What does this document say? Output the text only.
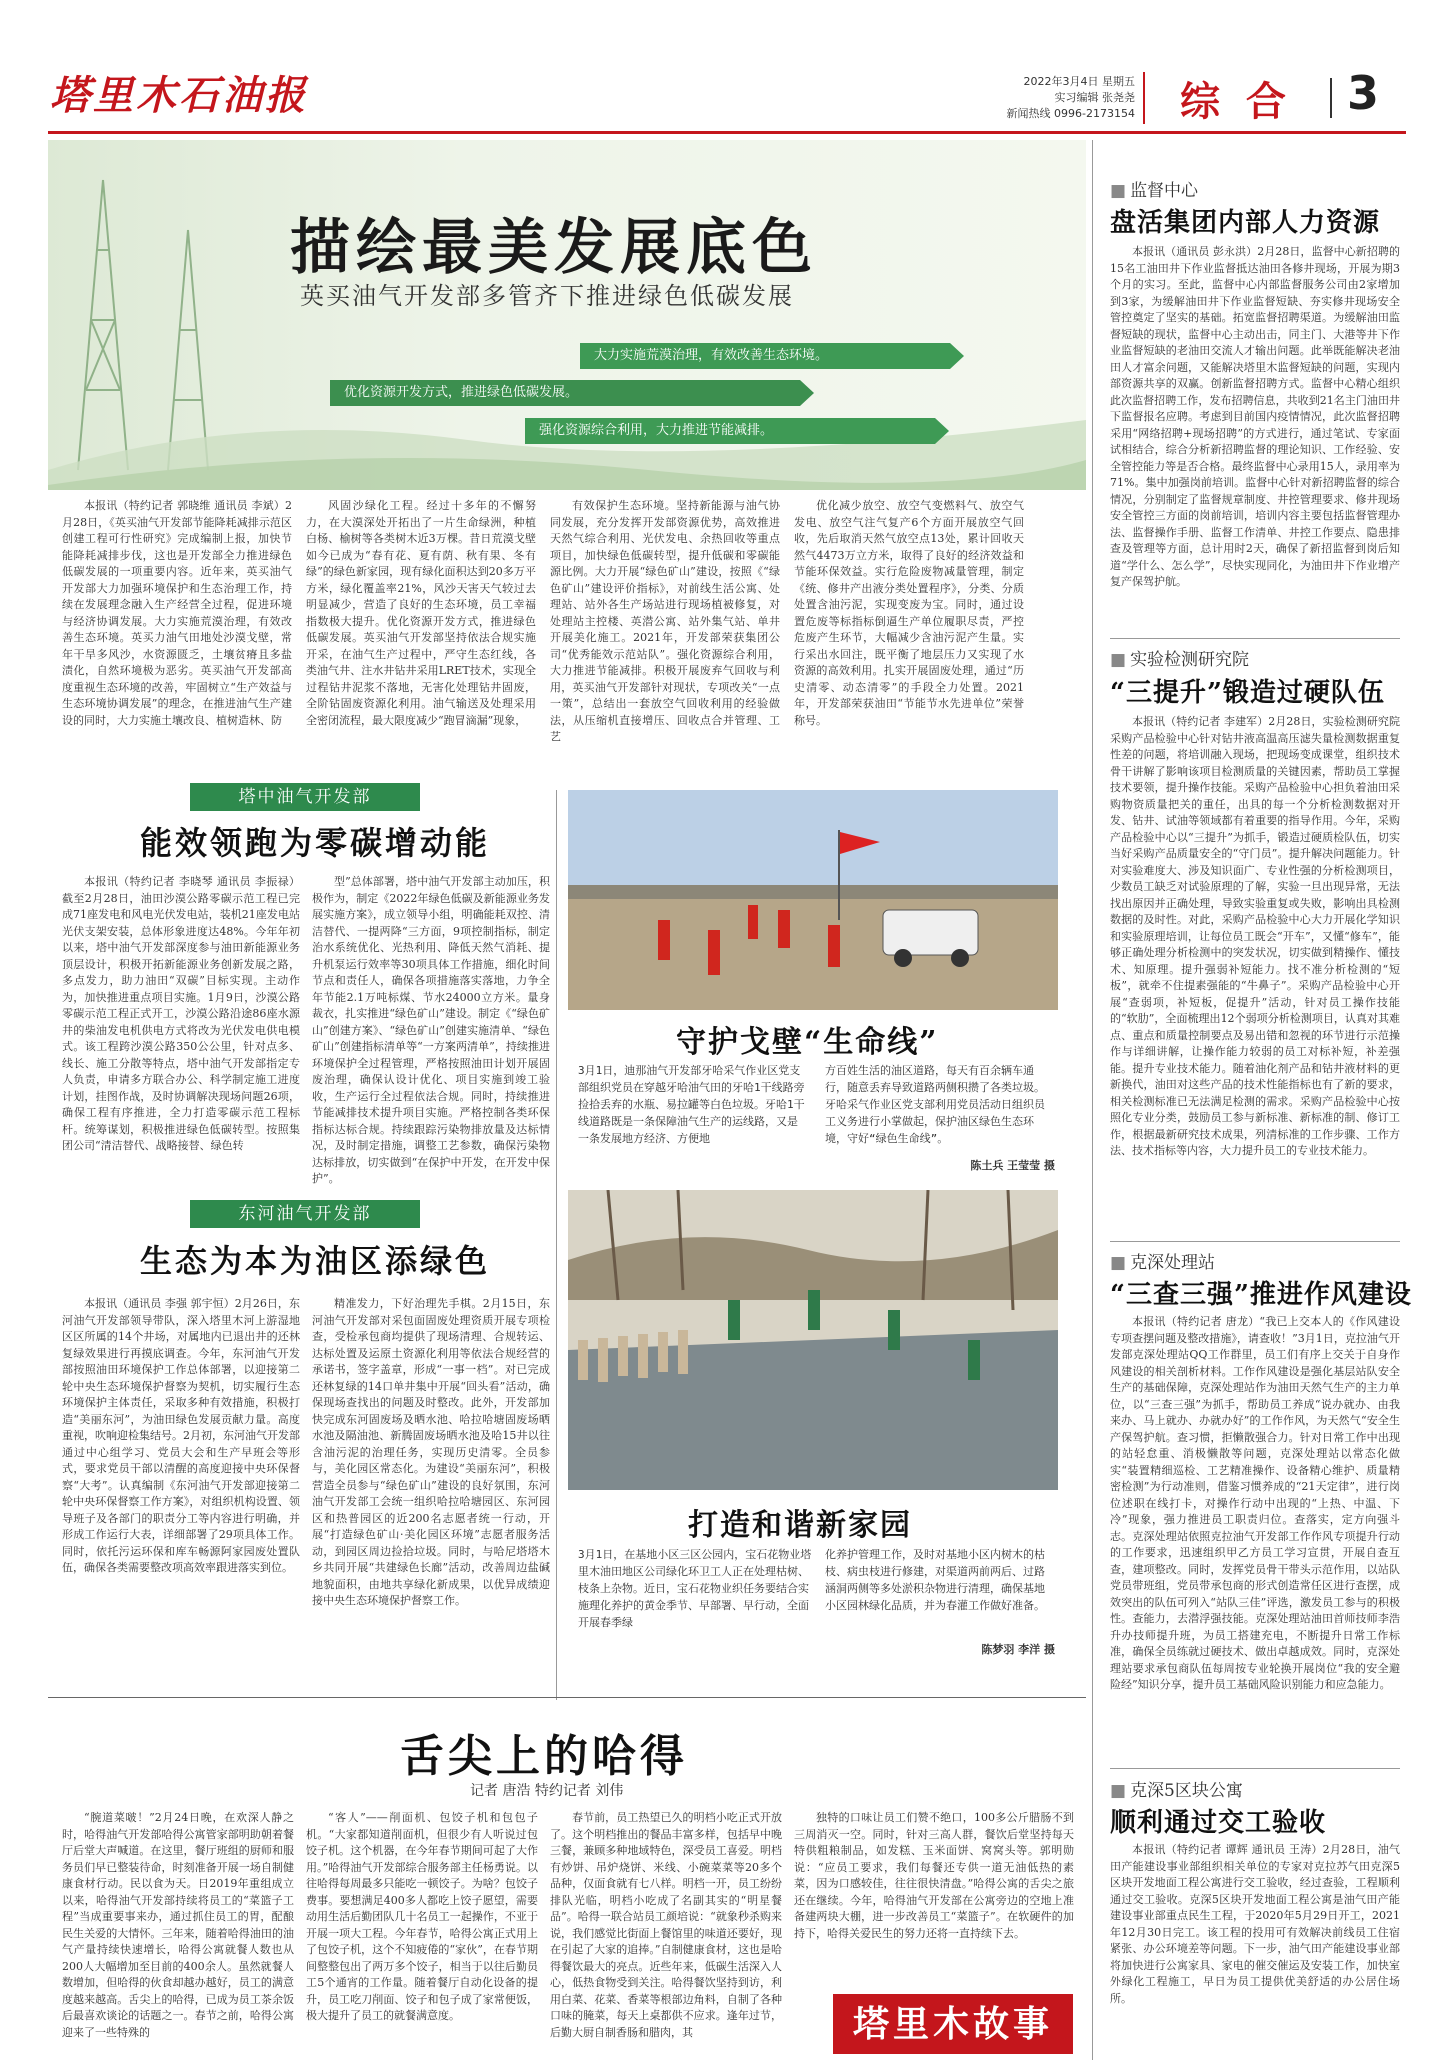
塔里木石油报	2022年3月4日 星期五
实习编辑 张尧尧
新闻热线 0996-2173154 综 合 3
描绘最美发展底色
英买油气开发部多管齐下推进绿色低碳发展
大力实施荒漠治理，有效改善生态环境。
优化资源开发方式，推进绿色低碳发展。
强化资源综合利用，大力推进节能减排。

本报讯（特约记者 郭晓维 通讯员 李斌）2月28日，《英买油气开发部节能降耗减排示范区创建工程可行性研究》完成编制上报，加快节能降耗减排步伐，这也是开发部全力推进绿色低碳发展的一项重要内容。近年来，英买油气开发部大力加强环境保护和生态治理工作，持续在发展理念融入生产经营全过程，促进环境与经济协调发展。大力实施荒漠治理，有效改善生态环境。英买力油气田地处沙漠戈壁，常年干旱多风沙，水资源匮乏，土壤贫瘠且多盐渍化，自然环境极为恶劣。英买油气开发部高度重视生态环境的改善，牢固树立“生产效益与生态环境协调发展”的理念，在推进油气生产建设的同时，大力实施土壤改良、植树造林、防

风固沙绿化工程。经过十多年的不懈努力，在大漠深处开拓出了一片生命绿洲，种植白杨、榆树等各类树木近3万棵。昔日荒漠戈壁如今已成为“春有花、夏有荫、秋有果、冬有绿”的绿色新家园，现有绿化面积达到20多万平方米，绿化覆盖率21%，风沙天害天气较过去明显减少，营造了良好的生态环境，员工幸福指数极大提升。优化资源开发方式，推进绿色低碳发展。英买油气开发部坚持依法合规实施开采，在油气生产过程中，严守生态红线，各类油气井、注水井钻井采用LRET技术，实现全过程钻井泥浆不落地，无害化处理钻井固废，全阶钻固废资源化利用。油气输送及处理采用全密闭流程，最大限度减少“跑冒滴漏”现象，

有效保护生态环境。坚持新能源与油气协同发展，充分发挥开发部资源优势，高效推进天然气综合利用、光伏发电、余热回收等重点项目，加快绿色低碳转型，提升低碳和零碳能源比例。大力开展“绿色矿山”建设，按照《“绿色矿山”建设评价指标》，对前线生活公寓、处理站、站外各生产场站进行现场植被修复，对处理站主控楼、英潜公寓、站外集气站、单井开展美化施工。2021年，开发部荣获集团公司“优秀能效示范站队”。强化资源综合利用，大力推进节能减排。积极开展废弃气回收与利用，英买油气开发部针对现状，专项改关“一点一策”，总结出一套放空气回收利用的经验做法，从压缩机直接增压、回收点合并管理、工艺

优化减少放空、放空气变燃料气、放空气发电、放空气注气复产6个方面开展放空气回收，先后取消天然气放空点13处，累计回收天然气4473万立方米，取得了良好的经济效益和节能环保效益。实行危险废物减量管理，制定《统、修井产出液分类处置程序》，分类、分质处置含油污泥，实现变废为宝。同时，通过设置危废等标指标倒逼生产单位履职尽责，严控危废产生环节，大幅减少含油污泥产生量。实行采出水回注，既平衡了地层压力又实现了水资源的高效利用。扎实开展固废处理，通过“历史清零、动态清零”的手段全力处置。2021年，开发部荣获油田“节能节水先进单位”荣誉称号。

塔中油气开发部
能效领跑为零碳增动能

本报讯（特约记者 李晓琴 通讯员 李振禄）截至2月28日，油田沙漠公路零碳示范工程已完成71座发电和风电光伏发电站，装机21座发电站光伏支架安装，总体形象进度达48%。今年年初以来，塔中油气开发部深度参与油田新能源业务顶层设计，积极开拓新能源业务创新发展之路，多点发力，助力油田“双碳”目标实现。主动作为，加快推进重点项目实施。1月9日，沙漠公路零碳示范工程正式开工，沙漠公路沿途86座水源井的柴油发电机供电方式将改为光伏发电供电模式。该工程跨沙漠公路350公公里，针对点多、线长、施工分散等特点，塔中油气开发部指定专人负责，申请多方联合办公、科学制定施工进度计划，挂图作战，及时协调解决现场问题26项，确保工程有序推进，全力打造零碳示范工程标杆。统筹谋划，积极推进绿色低碳转型。按照集团公司“清洁替代、战略接替、绿色转

型”总体部署，塔中油气开发部主动加压，积极作为，制定《2022年绿色低碳及新能源业务发展实施方案》，成立领导小组，明确能耗双控、清洁替代、一提两降“三方面，9项控制指标，制定治水系统优化、光热利用、降低天然气消耗、提升机泵运行效率等30项具体工作措施，细化时间节点和责任人，确保各项措施落实落地，力争全年节能2.1万吨标煤、节水24000立方米。量身裁衣，扎实推进“绿色矿山”建设。制定《“绿色矿山”创建方案》、“绿色矿山”创建实施清单、“绿色矿山”创建指标清单等“一方案两清单”，持续推进环境保护全过程管理，严格按照油田计划开展固废治理，确保认设计优化、项目实施到竣工验收，生产运行全过程依法合规。同时，持续推进节能减排技术提升项目实施。严格控制各类环保指标达标合规。持续跟踪污染物排放量及达标情况，及时制定措施，调整工艺参数，确保污染物达标排放，切实做到“在保护中开发，在开发中保护”。

守护戈壁“生命线”
3月1日，迪那油气开发部牙哈采气作业区党支部组织党员在穿越牙哈油气田的牙哈1干线路旁捡拾丢弃的水瓶、易拉罐等白色垃圾。牙哈1干线道路既是一条保障油气生产的运线路，又是一条发展地方经济、方便地
方百姓生活的油区道路，每天有百余辆车通行，随意丢弃导致道路两侧积攒了各类垃圾。牙哈采气作业区党支部利用党员活动日组织员工义务进行小掌做起，保护油区绿色生态环境，守好“绿色生命线”。
陈土兵 王莹莹 摄
东河油气开发部
生态为本为油区添绿色

本报讯（通讯员 李强 郭宇恒）2月26日，东河油气开发部领导带队，深入塔里木河上游湿地区区所属的14个井场，对属地内已退出井的还林复绿效果进行再摸底调查。今年，东河油气开发部按照油田环境保护工作总体部署，以迎接第二轮中央生态环境保护督察为契机，切实履行生态环境保护主体责任，采取多种有效措施，积极打造“美丽东河”，为油田绿色发展贡献力量。高度重视，吹响迎检集结号。2月初，东河油气开发部通过中心组学习、党员大会和生产早班会等形式，要求党员干部以清醒的高度迎接中央环保督察“大考”。认真编制《东河油气开发部迎接第二轮中央环保督察工作方案》，对组织机构设置、领导班子及各部门的职责分工等内容进行明确，并形成工作运行大表，详细部署了29项具体工作。同时，依托污运环保和库车畅源阿家园废处置队伍，确保各类需要整改项高效率跟进落实到位。

精准发力，下好治理先手棋。2月15日，东河油气开发部对采包面固废处理资质开展专项检查，受检承包商均提供了现场清理、合规转运、达标处置及运原土资源化利用等依法合规经营的承诺书，签字盖章，形成“一事一档”。对已完成还林复绿的14口单井集中开展“回头看”活动，确保现场查找出的问题及时整改。此外，开发部加快完成东河固废场及晒水池、哈拉哈塘固废场晒水池及隔油池、新腾固废场晒水池及哈15井以往含油污泥的治理任务，实现历史清零。全员参与，美化园区常态化。为建设“美丽东河”，积极营造全员参与“绿色矿山”建设的良好氛围，东河油气开发部工会统一组织哈拉哈塘园区、东河园区和热普园区的近200名志愿者统一行动，开展“打造绿色矿山·美化园区环境”志愿者服务活动，到园区周边捡拾垃圾。同时，与哈尼塔塔木乡共同开展“共建绿色长廊”活动，改善周边盐碱地貌面积，由地共享绿化新成果，以优异成绩迎接中央生态环境保护督察工作。

打造和谐新家园
3月1日，在基地小区三区公园内，宝石花物业塔里木油田地区公司绿化环卫工人正在处理枯树、枝条上杂物。近日，宝石花物业织任务要结合实施理化养护的黄金季节、早部署、早行动，全面开展春季绿
化养护管理工作，及时对基地小区内树木的枯枝、病虫枝进行修建，对渠道两前两后、过路涵洞两侧等多处淤积杂物进行清理，确保基地小区园林绿化品质，并为春灌工作做好准备。
陈梦羽 李洋 摄
■ 监督中心
盘活集团内部人力资源

本报讯（通讯员 彭永洪）2月28日，监督中心新招聘的15名工油田井下作业监督抵达油田各修井现场，开展为期3个月的实习。至此，监督中心内部监督服务公司由2家增加到3家，为缓解油田井下作业监督短缺、夯实修井现场安全管控奠定了坚实的基础。拓宽监督招聘渠道。为缓解油田监督短缺的现状，监督中心主动出击，同主门、大港等井下作业监督短缺的老油田交流人才输出问题。此举既能解决老油田人才富余问题，又能解决塔里木监督短缺的问题，实现内部资源共享的双赢。创新监督招聘方式。监督中心精心组织此次监督招聘工作，发布招聘信息，共收到21名主门油田井下监督报名应聘。考虑到目前国内疫情情况，此次监督招聘采用“网络招聘+现场招聘”的方式进行，通过笔试、专家面试相结合，综合分析新招聘监督的理论知识、工作经验、安全管控能力等是否合格。最终监督中心录用15人，录用率为71%。集中加强岗前培训。监督中心针对新招聘监督的综合情况，分别制定了监督规章制度、井控管理要求、修井现场安全管控三方面的岗前培训，培训内容主要包括监督管理办法、监督操作手册、监督工作清单、井控工作要点、隐患排查及管理等方面，总计用时2天，确保了新招监督到岗后知道“学什么、怎么学”，尽快实现同化，为油田井下作业增产复产保驾护航。

■ 实验检测研究院
“三提升”锻造过硬队伍

本报讯（特约记者 李建军）2月28日，实验检测研究院采购产品检验中心针对钻井液高温高压滤失量检测数据重复性差的问题，将培训融入现场，把现场变成课堂，组织技术骨干讲解了影响该项目检测质量的关键因素，帮助员工掌握技术要领，提升操作技能。采购产品检验中心担负着油田采购物资质量把关的重任，出具的每一个分析检测数据对开发、钻井、试油等领域都有着重要的指导作用。今年，采购产品检验中心以“三提升”为抓手，锻造过硬质检队伍，切实当好采购产品质量安全的“守门员”。提升解决问题能力。针对实验难度大、涉及知识面广、专业性强的分析检测项目，少数员工缺乏对试验原理的了解，实验一旦出现异常，无法找出原因并正确处理，导致实验重复或失败，影响出具检测数据的及时性。对此，采购产品检验中心大力开展化学知识和实验原理培训，让每位员工既会“开车”，又懂“修车”，能够正确处理分析检测中的突发状况，切实做到精操作、懂技术、知原理。提升强弱补短能力。找不准分析检测的“短板”，就牵不住提素强能的“牛鼻子”。采购产品检验中心开展“查弱项，补短板，促提升”活动，针对员工操作技能的“软肋”，全面梳理出12个弱项分析检测项目，认真对其难点、重点和质量控制要点及易出错和忽视的环节进行示范操作与详细讲解，让操作能力较弱的员工对标补短，补差强能。提升专业技术能力。随着油化剂产品和钻井液材料的更新换代，油田对这些产品的技术性能指标也有了新的要求，相关检测标准已无法满足检测的需求。采购产品检验中心按照化专业分类，鼓励员工参与新标准、新标准的制、修订工作，根据最新研究技术成果，列清标准的工作步骤、工作方法、技术指标等内容，大力提升员工的专业技术能力。

■ 克深处理站
“三查三强”推进作风建设

本报讯（特约记者 唐龙）“我已上交本人的《作风建设专项查摆问题及整改措施》，请查收！”3月1日，克拉油气开发部克深处理站QQ工作群里，员工们有序上交关于自身作风建设的相关剖析材料。工作作风建设是强化基层站队安全生产的基础保障，克深处理站作为油田天然气生产的主力单位，以“三查三强”为抓手，帮助员工养成“说办就办、由我来办、马上就办、办就办好”的工作作风，为天然气“安全生产保驾护航。查习惯，拒懒散强合力。针对日常工作中出现的站轻怠重、消极懒散等问题，克深处理站以常态化做实“装置精细巡检、工艺精准操作、设备精心维护、质量精密检测”为行动准则，借鉴习惯养成的“21天定律”，进行岗位述职在线打卡，对操作行动中出现的“上热、中温、下冷”现象，强力推进员工职责归位。查落实，定方向强斗志。克深处理站依照克拉油气开发部工作作风专项提升行动的工作要求，迅速组织甲乙方员工学习宣贯，开展自查互查，建项整改。同时，发挥党员骨干带头示范作用，以站队党员带班组，党员带承包商的形式创造常任区进行查摆，成效突出的队伍可列入“站队三佳”评选，激发员工参与的积极性。查能力，去潜浮强技能。克深处理站油田首师技师李浩升办技师提升班，为员工搭建充电，不断提升日常工作标准，确保全员练就过硬技术、做出卓越成效。同时，克深处理站要求承包商队伍每周按专业轮换开展岗位“我的安全避险经”知识分享，提升员工基础风险识别能力和应急能力。

■ 克深5区块公寓
顺利通过交工验收

本报讯（特约记者 谭辉 通讯员 王涛）2月28日，油气田产能建设事业部组织相关单位的专家对克拉苏气田克深5区块开发地面工程公寓进行交工验收，经过查验，工程顺利通过交工验收。克深5区块开发地面工程公寓是油气田产能建设事业部重点民生工程，于2020年5月29日开工，2021年12月30日完工。该工程的投用可有效解决前线员工住宿紧张、办公环境差等问题。下一步，油气田产能建设事业部将加快进行公寓家具、家电的催交催运及安装工作，加快室外绿化工程施工，早日为员工提供优美舒适的办公居住场所。

舌尖上的哈得
记者 唐浩 特约记者 刘伟

“腕道菜啵！”2月24日晚，在欢深人静之时，哈得油气开发部哈得公寓管家部明助朝着餐厅后堂大声喊道。在这里，餐厅班组的厨师和服务员们早已整装待命，时刻准备开展一场自制健康食材行动。民以食为天。日2019年重组成立以来，哈得油气开发部持续将员工的“菜篮子工程”当成重要事来办，通过抓住员工的胃，配酿民生关爱的大情怀。三年来，随着哈得油田的油气产量持续快速增长，哈得公寓就餐人数也从200人大幅增加至目前的400余人。虽然就餐人数增加，但哈得的伙食却越办越好，员工的满意度越来越高。舌尖上的哈得，已成为员工茶余饭后最喜欢谈论的话题之一。春节之前，哈得公寓迎来了一些特殊的

“客人”——削面机、包饺子机和包包子机。“大家都知道削面机，但很少有人听说过包饺子机。这个机器，在今年春节期间可起了大作用。”哈得油气开发部综合服务部主任杨勇说。以往哈得每周最多只能吃一顿饺子。为啥？包饺子费事。要想满足400多人都吃上饺子愿望，需要动用生活后勤团队几十名员工一起操作，不亚于开展一项大工程。今年春节，哈得公寓正式用上了包饺子机，这个不知疲倦的“家伙”，在春节期间整整包出了两万多个饺子，相当于以往后勤员工5个通宵的工作量。随着餐厅自动化设备的提升，员工吃刀削面、饺子和包子成了家常便饭，极大提升了员工的就餐满意度。

春节前，员工热望已久的明档小吃正式开放了。这个明档推出的餐品丰富多样，包括早中晚三餐，兼顾多种地域特色，深受员工喜爱。明档有炒饼、吊炉烧饼、米线、小碗菜菜等20多个品种，仅面食就有七八样。明档一开，员工纷纷排队光临，明档小吃成了名副其实的“明星餐品”。哈得一联合站员工颜培说：“就象秒杀购来说，我们感觉比街面上餐馆里的味道还要好，现在引起了大家的追捧。”自制健康食材，这也是哈得餐饮最大的亮点。近些年来，低碳生活深入人心，低热食物受到关注。哈得餐饮坚持到访，利用白菜、花菜、香菜等根部边角料，自制了各种口味的腌菜，每天上桌都供不应求。逢年过节，后勤大厨自制香肠和腊肉，其

独特的口味让员工们赞不绝口，100多公斤腊肠不到三周消灭一空。同时，针对三高人群，餐饮后堂坚持每天特供粗粮制品，如发糕、玉米面饼、窝窝头等。郭明勋说：“应员工要求，我们每餐还专供一道无油低热的素菜，因为口感较佳，往往很快清盘。”哈得公寓的舌尖之旅还在继续。今年，哈得油气开发部在公寓旁边的空地上准备建两块大棚，进一步改善员工“菜篮子”。在软硬件的加持下，哈得关爱民生的努力还将一直持续下去。

塔里木故事
